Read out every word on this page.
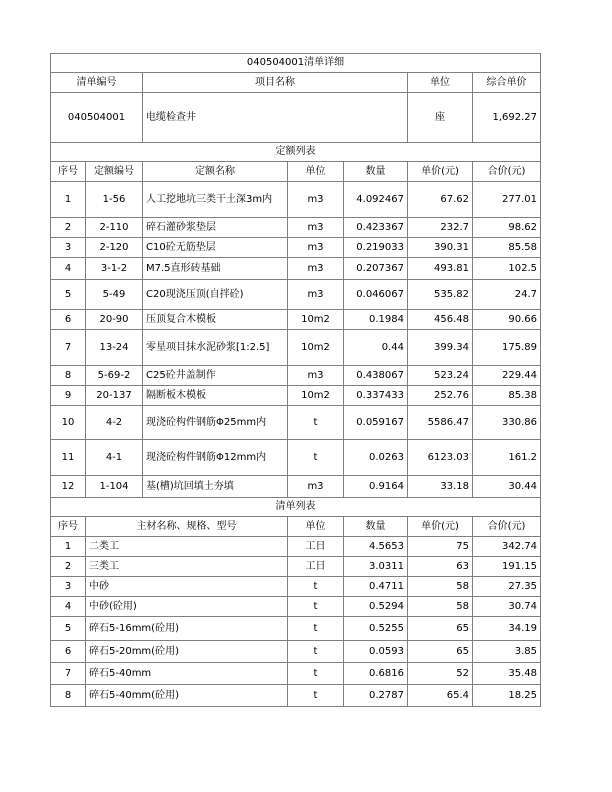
040504001清单详细						
清单编号		项目名称			单位	综合单价
040504001		电缆检查井			座	1,692.27
定额列表						
序号	定额编号	定额名称	单位	数量	单价(元)	合价(元)
1	1-56	人工挖地坑三类干土深3m内	m3	4.092467	67.62	277.01
2	2-110	碎石灌砂浆垫层	m3	0.423367	232.7	98.62
3	2-120	C10砼无筋垫层	m3	0.219033	390.31	85.58
4	3-1-2	M7.5直形砖基础	m3	0.207367	493.81	102.5
5	5-49	C20现浇压顶(自拌砼)	m3	0.046067	535.82	24.7
6	20-90	压顶复合木模板	10m2	0.1984	456.48	90.66
7	13-24	零星项目抹水泥砂浆[1:2.5]	10m2	0.44	399.34	175.89
8	5-69-2	C25砼井盖制作	m3	0.438067	523.24	229.44
9	20-137	隔断板木模板	10m2	0.337433	252.76	85.38
10	4-2	现浇砼构件钢筋Φ25mm内	t	0.059167	5586.47	330.86
11	4-1	现浇砼构件钢筋Φ12mm内	t	0.0263	6123.03	161.2
12	1-104	基(槽)坑回填土夯填	m3	0.9164	33.18	30.44
清单列表						
序号	主材名称、规格、型号		单位	数量	单价(元)	合价(元)
1	二类工		工日	4.5653	75	342.74
2	三类工		工日	3.0311	63	191.15
3	中砂		t	0.4711	58	27.35
4	中砂(砼用)		t	0.5294	58	30.74
5	碎石5-16mm(砼用)		t	0.5255	65	34.19
6	碎石5-20mm(砼用)		t	0.0593	65	3.85
7	碎石5-40mm		t	0.6816	52	35.48
8	碎石5-40mm(砼用)		t	0.2787	65.4	18.25
